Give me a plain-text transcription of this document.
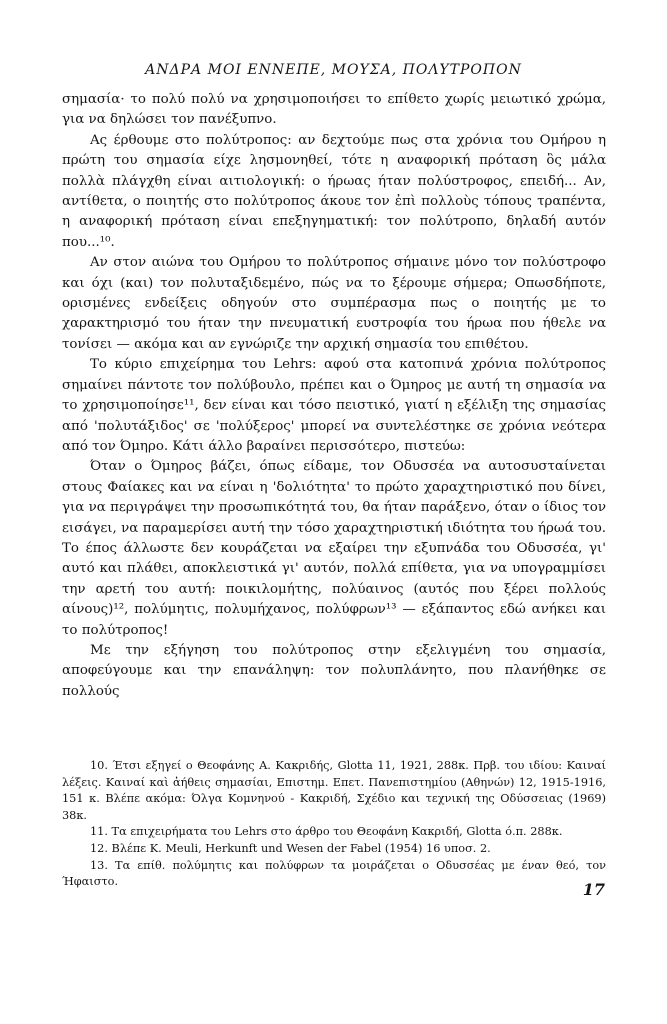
ΑΝΔΡΑ ΜΟΙ ΕΝΝΕΠΕ, ΜΟΥΣΑ, ΠΟΛΥΤΡΟΠΟΝ

σημασία· το πολύ πολύ να χρησιμοποιήσει το επίθετο χωρίς μειωτικό χρώμα, για να δηλώσει τον πανέξυπνο.

Ας έρθουμε στο πολύτροπος: αν δεχτούμε πως στα χρόνια του Ομήρου η πρώτη του σημασία είχε λησμονηθεί, τότε η αναφορική πρόταση ὃς μάλα πολλὰ πλάγχθη είναι αιτιολογική: ο ήρωας ήταν πολύστροφος, επειδή... Αν, αντίθετα, ο ποιητής στο πολύτροπος άκουε τον ἐπὶ πολλοὺς τόπους τραπέντα, η αναφορική πρόταση είναι επεξηγηματική: τον πολύτροπο, δηλαδή αυτόν που...¹⁰.

Αν στον αιώνα του Ομήρου το πολύτροπος σήμαινε μόνο τον πολύστροφο και όχι (και) τον πολυταξιδεμένο, πώς να το ξέρουμε σήμερα; Οπωσδήποτε, ορισμένες ενδείξεις οδηγούν στο συμπέρασμα πως ο ποιητής με το χαρακτηρισμό του ήταν την πνευματική ευστροφία του ήρωα που ήθελε να τονίσει — ακόμα και αν εγνώριζε την αρχική σημασία του επιθέτου.

Το κύριο επιχείρημα του Lehrs: αφού στα κατοπινά χρόνια πολύτροπος σημαίνει πάντοτε τον πολύβουλο, πρέπει και ο Όμηρος με αυτή τη σημασία να το χρησιμοποίησε¹¹, δεν είναι και τόσο πειστικό, γιατί η εξέλιξη της σημασίας από 'πολυτάξιδος' σε 'πολύξερος' μπορεί να συντελέστηκε σε χρόνια νεότερα από τον Όμηρο. Κάτι άλλο βαραίνει περισσότερο, πιστεύω:

Όταν ο Όμηρος βάζει, όπως είδαμε, τον Οδυσσέα να αυτοσυσταίνεται στους Φαίακες και να είναι η 'δολιότητα' το πρώτο χαραχτηριστικό που δίνει, για να περιγράψει την προσωπικότητά του, θα ήταν παράξενο, όταν ο ίδιος τον εισάγει, να παραμερίσει αυτή την τόσο χαραχτηριστική ιδιότητα του ήρωά του. Το έπος άλλωστε δεν κουράζεται να εξαίρει την εξυπνάδα του Οδυσσέα, γι' αυτό και πλάθει, αποκλειστικά γι' αυτόν, πολλά επίθετα, για να υπογραμμίσει την αρετή του αυτή: ποικιλομήτης, πολύαινος (αυτός που ξέρει πολλούς αίνους)¹², πολύμητις, πολυμήχανος, πολύφρων¹³ — εξάπαντος εδώ ανήκει και το πολύτροπος!

Με την εξήγηση του πολύτροπος στην εξελιγμένη του σημασία, αποφεύγουμε και την επανάληψη: τον πολυπλάνητο, που πλανήθηκε σε πολλούς

10. Έτσι εξηγεί ο Θεοφάνης Α. Κακριδής, Glotta 11, 1921, 288κ. Πρβ. του ιδίου: Καιναί λέξεις. Καιναί καὶ ἀήθεις σημασίαι, Επιστημ. Επετ. Πανεπιστημίου (Αθηνών) 12, 1915-1916, 151 κ. Βλέπε ακόμα: Όλγα Κομνηνού - Κακριδή, Σχέδιο και τεχνική της Οδύσσειας (1969) 38κ.

11. Τα επιχειρήματα του Lehrs στο άρθρο του Θεοφάνη Κακριδή, Glotta ό.π. 288κ.

12. Βλέπε K. Meuli, Herkunft und Wesen der Fabel (1954) 16 υποσ. 2.

13. Τα επίθ. πολύμητις και πολύφρων τα μοιράζεται ο Οδυσσέας με έναν θεό, τον Ήφαιστο.	17
